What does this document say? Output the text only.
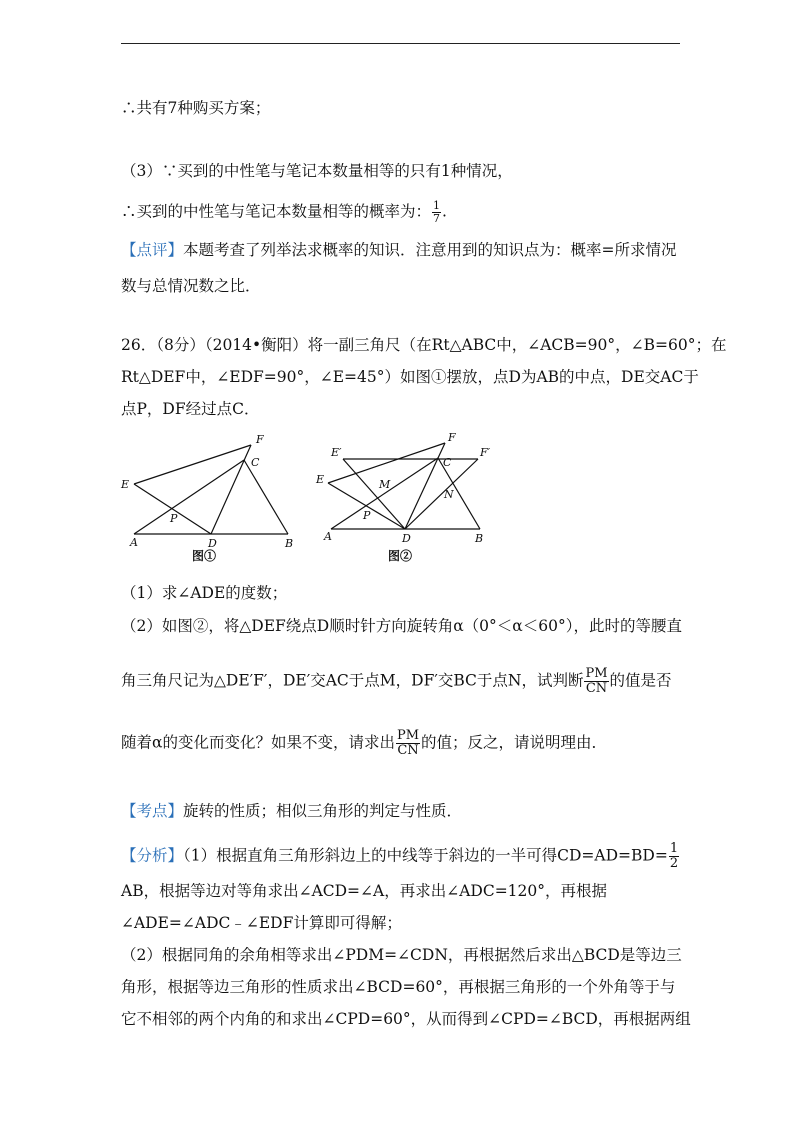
∴共有7种购买方案；
（3）∵买到的中性笔与笔记本数量相等的只有1种情况，
∴买到的中性笔与笔记本数量相等的概率为： $\frac{1}{7}$ .
【点评】本题考查了列举法求概率的知识．注意用到的知识点为：概率=所求情况
数与总情况数之比．
26．（8分）（2014•衡阳）将一副三角尺（在Rt△ABC中，∠ACB=90°，∠B=60°；在
Rt△DEF中，∠EDF=90°，∠E=45°）如图①摆放，点D为AB的中点，DE交AC于
点P，DF经过点C．
F
C
E
P
A	D	B
图①
F
F′
E′
E
C
M
N
P
A	D	B
图②
（1）求∠ADE的度数；
（2）如图②，将△DEF绕点D顺时针方向旋转角α（0°＜α＜60°），此时的等腰直
角三角尺记为△DE′F′，DE′交AC于点M，DF′交BC于点N，试判断 $\frac{PM}{CN}$ 的值是否
随着α的变化而变化？如果不变，请求出 $\frac{PM}{CN}$ 的值；反之，请说明理由．
【考点】旋转的性质；相似三角形的判定与性质．
【分析】（1）根据直角三角形斜边上的中线等于斜边的一半可得$CD=AD=BD= \frac{1}{2}$
AB，根据等边对等角求出∠ACD=∠A，再求出∠ADC=120°，再根据
∠ADE=∠ADC﹣∠EDF计算即可得解；
（2）根据同角的余角相等求出∠PDM=∠CDN，再根据然后求出△BCD是等边三
角形，根据等边三角形的性质求出∠BCD=60°，再根据三角形的一个外角等于与
它不相邻的两个内角的和求出∠CPD=60°，从而得到∠CPD=∠BCD，再根据两组
